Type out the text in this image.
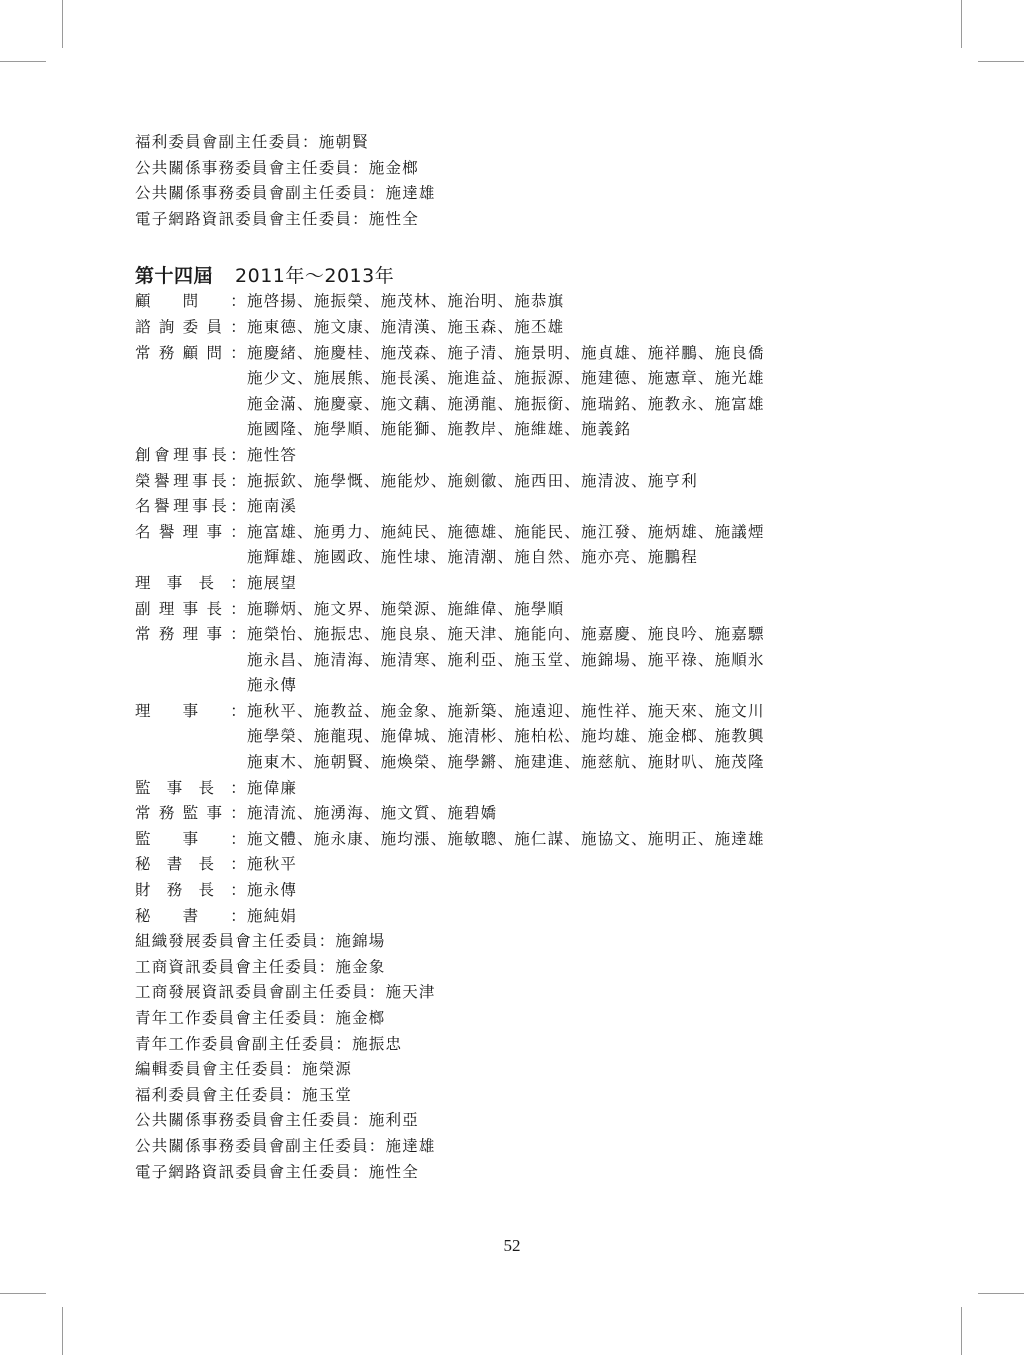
福利委員會副主任委員：施朝賢
公共關係事務委員會主任委員：施金榔
公共關係事務委員會副主任委員：施達雄
電子網路資訊委員會主任委員：施性全
第十四屆 2011年～2013年
顧 問 ： 施啓揚、施振榮、施茂林、施治明、施恭旗
諮 詢 委 員 ： 施東德、施文康、施清漢、施玉森、施丕雄
常 務 顧 問 ： 施慶緒、施慶桂、施茂森、施子清、施景明、施貞雄、施祥鵬、施良僑
施少文、施展熊、施長溪、施進益、施振源、施建德、施憲章、施光雄
施金滿、施慶豪、施文藕、施湧龍、施振銜、施瑞銘、施教永、施富雄
施國隆、施學順、施能獅、施教岸、施維雄、施義銘
創 會 理 事 長 ： 施性答
榮 譽 理 事 長 ： 施振欽、施學慨、施能炒、施劍徽、施西田、施清波、施亨利
名 譽 理 事 長 ： 施南溪
名 譽 理 事 ： 施富雄、施勇力、施純民、施德雄、施能民、施江發、施炳雄、施議煙
施輝雄、施國政、施性埭、施清潮、施自然、施亦亮、施鵬程
理 事 長 ： 施展望
副 理 事 長 ： 施聯炳、施文界、施榮源、施維偉、施學順
常 務 理 事 ： 施榮怡、施振忠、施良泉、施天津、施能向、施嘉慶、施良吟、施嘉驃
施永昌、施清海、施清寒、施利亞、施玉堂、施錦場、施平祿、施順氷
施永傳
理 事 ： 施秋平、施教益、施金象、施新築、施遠迎、施性祥、施天來、施文川
施學榮、施龍現、施偉城、施清彬、施柏松、施均雄、施金榔、施教興
施東木、施朝賢、施煥榮、施學鏘、施建進、施慈航、施財叭、施茂隆
監 事 長 ： 施偉廉
常 務 監 事 ： 施清流、施湧海、施文質、施碧嬌
監 事 ： 施文體、施永康、施均漲、施敏聰、施仁謀、施協文、施明正、施達雄
秘 書 長 ： 施秋平
財 務 長 ： 施永傳
秘 書 ： 施純娟
組織發展委員會主任委員：施錦場
工商資訊委員會主任委員：施金象
工商發展資訊委員會副主任委員：施天津
青年工作委員會主任委員：施金榔
青年工作委員會副主任委員：施振忠
編輯委員會主任委員：施榮源
福利委員會主任委員：施玉堂
公共關係事務委員會主任委員：施利亞
公共關係事務委員會副主任委員：施達雄
電子網路資訊委員會主任委員：施性全
52
